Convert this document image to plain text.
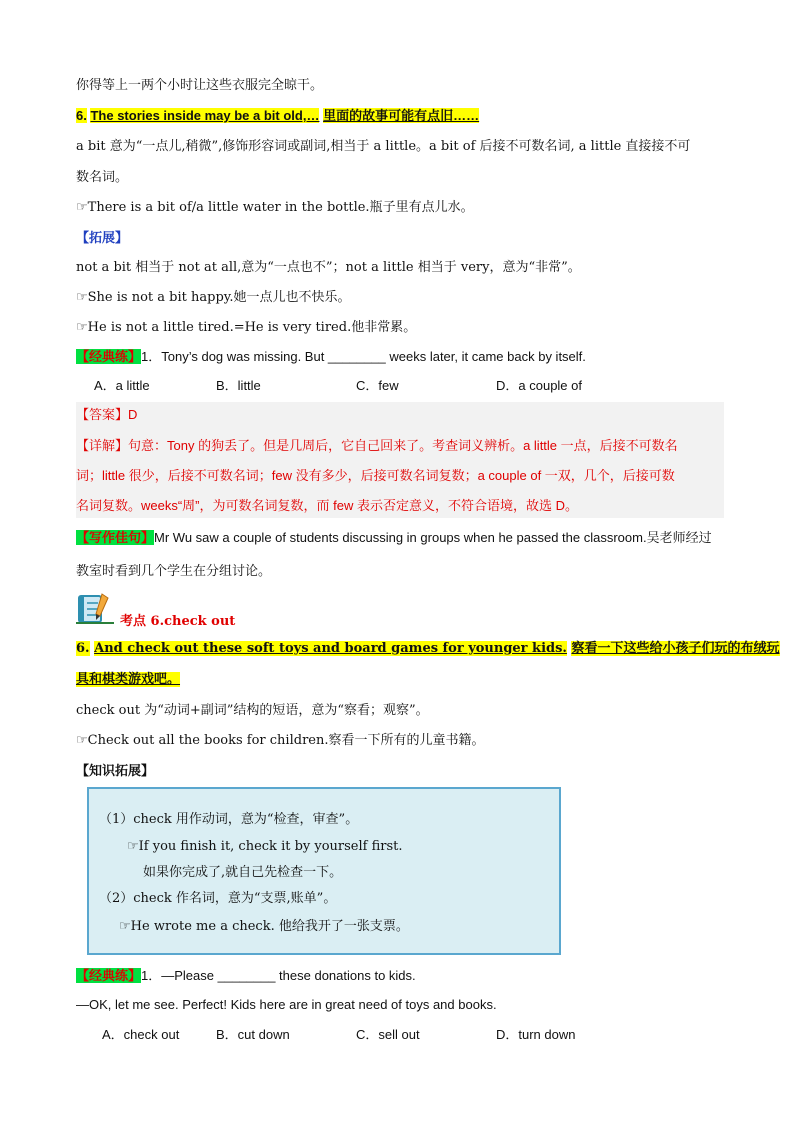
你得等上一两个小时让这些衣服完全晾干。
6. The stories inside may be a bit old,… 里面的故事可能有点旧……
a bit 意为“一点儿,稍微”,修饰形容词或副词,相当于 a little。a bit of 后接不可数名词, a little 直接接不可
数名词。
☞There is a bit of/a little water in the bottle.瓶子里有点儿水。
【拓展】
not a bit 相当于 not at all,意为“一点也不”；not a little 相当于 very，意为“非常”。
☞She is not a bit happy.她一点儿也不快乐。
☞He is not a little tired.=He is very tired.他非常累。
【经典练】1．Tony’s dog was missing. But ________ weeks later, it came back by itself.
A．a little	B．little	C．few	D．a couple of
【答案】D
【详解】句意：Tony 的狗丢了。但是几周后，它自己回来了。考查词义辨析。a little 一点，后接不可数名
词；little 很少，后接不可数名词；few 没有多少，后接可数名词复数；a couple of 一双，几个，后接可数
名词复数。weeks“周”，为可数名词复数，而 few 表示否定意义，不符合语境，故选 D。
【写作佳句】Mr Wu saw a couple of students discussing in groups when he passed the classroom.吴老师经过
教室时看到几个学生在分组讨论。
考点 6.check out
6. And check out these soft toys and board games for younger kids. 察看一下这些给小孩子们玩的布绒玩
具和棋类游戏吧。
check out 为“动词+副词”结构的短语，意为“察看；观察”。
☞Check out all the books for children.察看一下所有的儿童书籍。
【知识拓展】
（1）check 用作动词，意为“检查，审查”。
☞If you finish it, check it by yourself first.
如果你完成了,就自己先检查一下。
（2）check 作名词，意为“支票,账单”。
☞He wrote me a check. 他给我开了一张支票。
【经典练】1．—Please ________ these donations to kids.
—OK, let me see. Perfect! Kids here are in great need of toys and books.
A．check out	B．cut down	C．sell out	D．turn down
